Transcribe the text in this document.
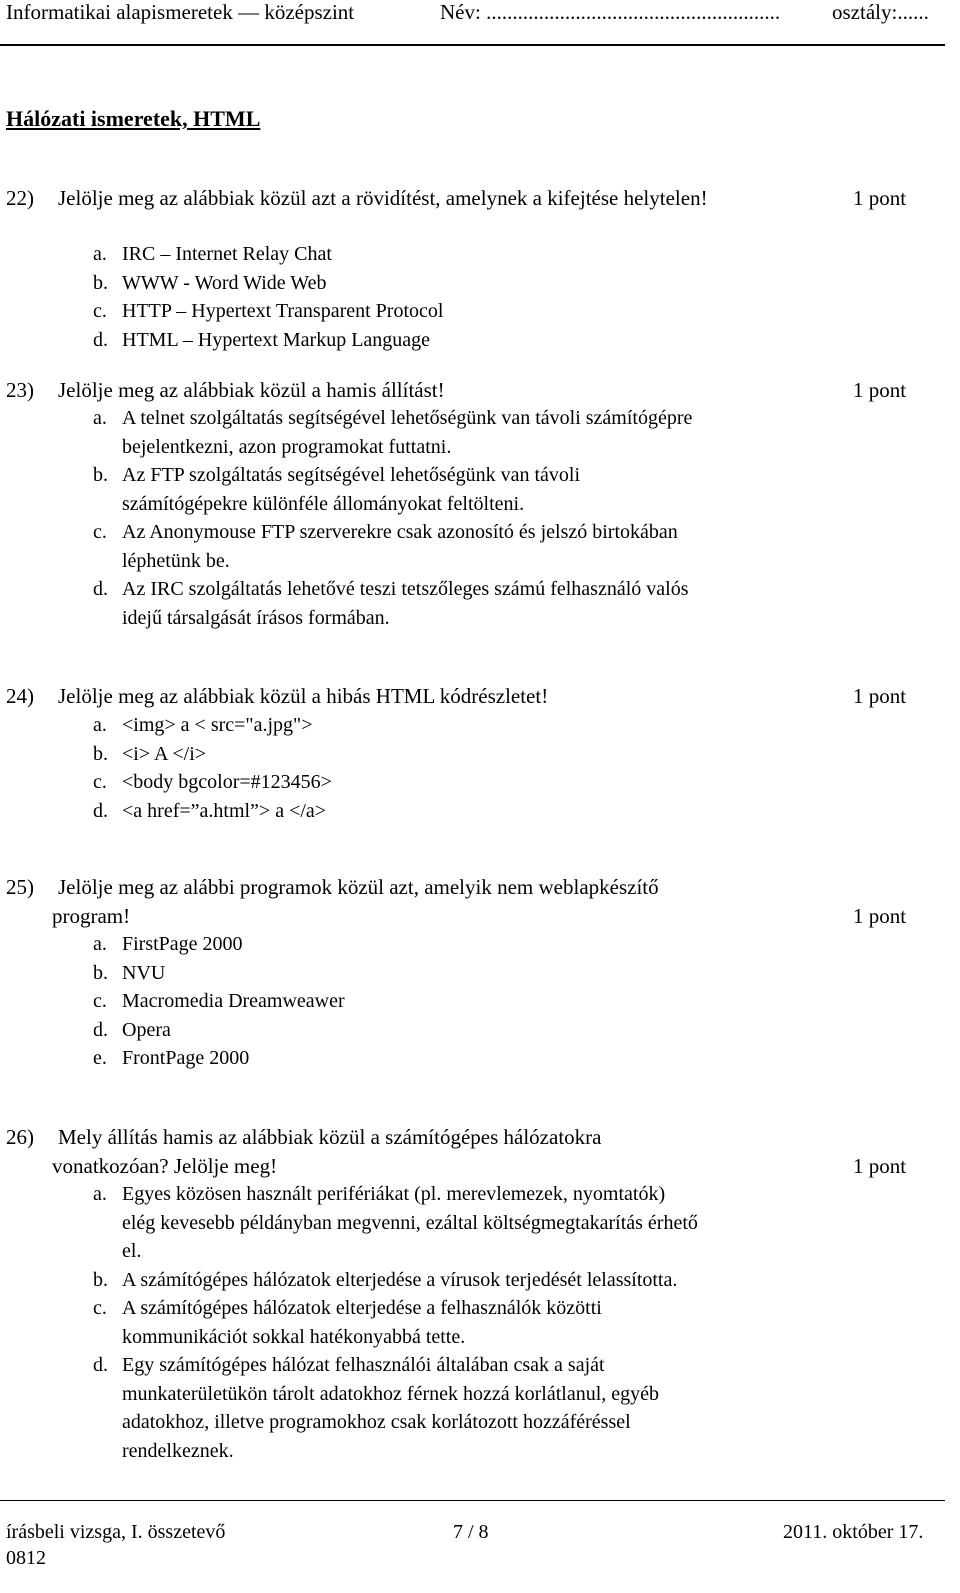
Informatikai alapismeretek — középszint	Név: ........................................................ osztály:......
Hálózati ismeretek, HTML
22) Jelölje meg az alábbiak közül azt a rövidítést, amelynek a kifejtése helytelen!	1 pont
a. IRC – Internet Relay Chat
b. WWW - Word Wide Web
c. HTTP – Hypertext Transparent Protocol
d. HTML – Hypertext Markup Language
23) Jelölje meg az alábbiak közül a hamis állítást!	1 pont
a. A telnet szolgáltatás segítségével lehetőségünk van távoli számítógépre
bejelentkezni, azon programokat futtatni.
b. Az FTP szolgáltatás segítségével lehetőségünk van távoli
számítógépekre különféle állományokat feltölteni.
c. Az Anonymouse FTP szerverekre csak azonosító és jelszó birtokában
léphetünk be.
d. Az IRC szolgáltatás lehetővé teszi tetszőleges számú felhasználó valós
idejű társalgását írásos formában.
24) Jelölje meg az alábbiak közül a hibás HTML kódrészletet!	1 pont
a. <img> a < src="a.jpg">
b. <i> A </i>
c. <body bgcolor=#123456>
d. <a href=”a.html”> a </a>
25) Jelölje meg az alábbi programok közül azt, amelyik nem weblapkészítő
program!	1 pont
a. FirstPage 2000
b. NVU
c. Macromedia Dreamweawer
d. Opera
e. FrontPage 2000
26) Mely állítás hamis az alábbiak közül a számítógépes hálózatokra
vonatkozóan? Jelölje meg!	1 pont
a. Egyes közösen használt perifériákat (pl. merevlemezek, nyomtatók)
elég kevesebb példányban megvenni, ezáltal költségmegtakarítás érhető
el.
b. A számítógépes hálózatok elterjedése a vírusok terjedését lelassította.
c. A számítógépes hálózatok elterjedése a felhasználók közötti
kommunikációt sokkal hatékonyabbá tette.
d. Egy számítógépes hálózat felhasználói általában csak a saját
munkaterületükön tárolt adatokhoz férnek hozzá korlátlanul, egyéb
adatokhoz, illetve programokhoz csak korlátozott hozzáféréssel
rendelkeznek.
írásbeli vizsga, I. összetevő
0812
7 / 8	2011. október 17.
